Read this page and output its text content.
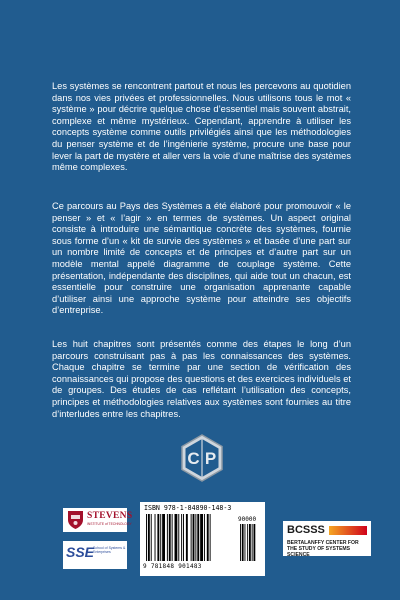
Les systèmes se rencontrent partout et nous les percevons au quotidien dans nos vies privées et professionnelles. Nous utilisons tous le mot « système » pour décrire quelque chose d’essentiel mais souvent abstrait, complexe et même mystérieux. Cependant, apprendre à utiliser les concepts système comme outils privilégiés ainsi que les méthodologies du penser système et de l’ingénierie système, procure une base pour lever la part de mystère et aller vers la voie d’une maîtrise des systèmes même complexes.

Ce parcours au Pays des Systèmes a été élaboré pour promouvoir « le penser » et « l’agir » en termes de systèmes. Un aspect original consiste à introduire une sémantique concrète des systèmes, fournie sous forme d’un « kit de survie des systèmes » et basée d’une part sur un nombre limité de concepts et de principes et d’autre part sur un modèle mental appelé diagramme de couplage système. Cette présentation, indépendante des disciplines, qui aide tout un chacun, est essentielle pour construire une organisation apprenante capable d’utiliser ainsi une approche système pour atteindre ses objectifs d’entreprise.

Les huit chapitres sont présentés comme des étapes le long d’un parcours construisant pas à pas les connaissances des systèmes. Chaque chapitre se termine par une section de vérification des connaissances qui propose des questions et des exercices individuels et de groupes. Des études de cas reflétant l’utilisation des concepts, principes et méthodologies relatives aux systèmes sont fournies au titre d’interludes entre les chapitres.

C P
STEVENS
INSTITUTE of TECHNOLOGY
SSE
School of Systems & Enterprises
ISBN 978-1-84890-148-3
90000
9 781848 901483
BCSSS
BERTALANFFY CENTER FOR THE STUDY OF SYSTEMS SCIENCE
